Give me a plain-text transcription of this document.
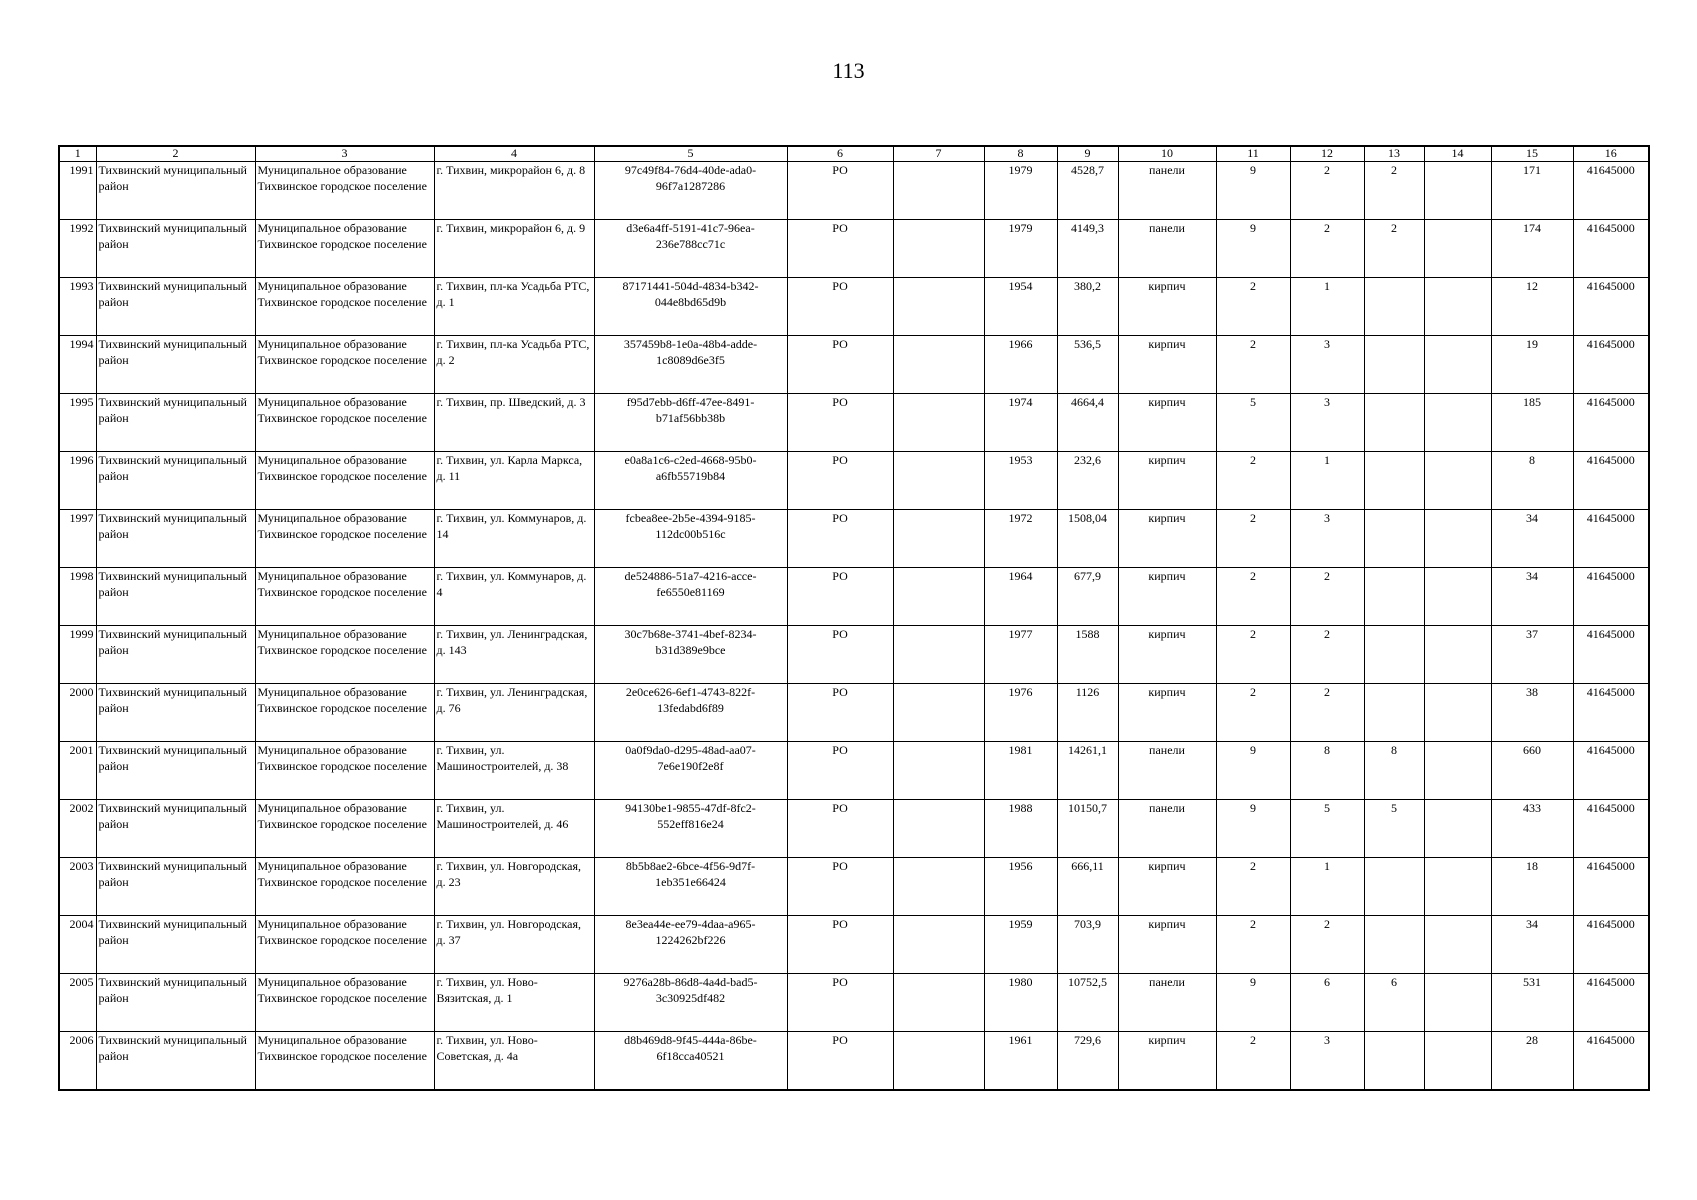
113
1	2	3	4	5	6	7	8	9	10	11	12	13	14	15	16
1991	Тихвинский муниципальный район	Муниципальное образование Тихвинское городское поселение	г. Тихвин, микрорайон 6, д. 8	97c49f84-76d4-40de-ada0-96f7a1287286	РО		1979	4528,7	панели	9	2	2		171	41645000
1992	Тихвинский муниципальный район	Муниципальное образование Тихвинское городское поселение	г. Тихвин, микрорайон 6, д. 9	d3e6a4ff-5191-41c7-96ea-236e788cc71c	РО		1979	4149,3	панели	9	2	2		174	41645000
1993	Тихвинский муниципальный район	Муниципальное образование Тихвинское городское поселение	г. Тихвин, пл-ка Усадьба РТС, д. 1	87171441-504d-4834-b342-044e8bd65d9b	РО		1954	380,2	кирпич	2	1			12	41645000
1994	Тихвинский муниципальный район	Муниципальное образование Тихвинское городское поселение	г. Тихвин, пл-ка Усадьба РТС, д. 2	357459b8-1e0a-48b4-adde-1c8089d6e3f5	РО		1966	536,5	кирпич	2	3			19	41645000
1995	Тихвинский муниципальный район	Муниципальное образование Тихвинское городское поселение	г. Тихвин, пр. Шведский, д. 3	f95d7ebb-d6ff-47ee-8491-b71af56bb38b	РО		1974	4664,4	кирпич	5	3			185	41645000
1996	Тихвинский муниципальный район	Муниципальное образование Тихвинское городское поселение	г. Тихвин, ул. Карла Маркса, д. 11	e0a8a1c6-c2ed-4668-95b0-a6fb55719b84	РО		1953	232,6	кирпич	2	1			8	41645000
1997	Тихвинский муниципальный район	Муниципальное образование Тихвинское городское поселение	г. Тихвин, ул. Коммунаров, д. 14	fcbea8ee-2b5e-4394-9185-112dc00b516c	РО		1972	1508,04	кирпич	2	3			34	41645000
1998	Тихвинский муниципальный район	Муниципальное образование Тихвинское городское поселение	г. Тихвин, ул. Коммунаров, д. 4	de524886-51a7-4216-acce-fe6550e81169	РО		1964	677,9	кирпич	2	2			34	41645000
1999	Тихвинский муниципальный район	Муниципальное образование Тихвинское городское поселение	г. Тихвин, ул. Ленинградская, д. 143	30c7b68e-3741-4bef-8234-b31d389e9bce	РО		1977	1588	кирпич	2	2			37	41645000
2000	Тихвинский муниципальный район	Муниципальное образование Тихвинское городское поселение	г. Тихвин, ул. Ленинградская, д. 76	2e0ce626-6ef1-4743-822f-13fedabd6f89	РО		1976	1126	кирпич	2	2			38	41645000
2001	Тихвинский муниципальный район	Муниципальное образование Тихвинское городское поселение	г. Тихвин, ул. Машиностроителей, д. 38	0a0f9da0-d295-48ad-aa07-7e6e190f2e8f	РО		1981	14261,1	панели	9	8	8		660	41645000
2002	Тихвинский муниципальный район	Муниципальное образование Тихвинское городское поселение	г. Тихвин, ул. Машиностроителей, д. 46	94130be1-9855-47df-8fc2-552eff816e24	РО		1988	10150,7	панели	9	5	5		433	41645000
2003	Тихвинский муниципальный район	Муниципальное образование Тихвинское городское поселение	г. Тихвин, ул. Новгородская, д. 23	8b5b8ae2-6bce-4f56-9d7f-1eb351e66424	РО		1956	666,11	кирпич	2	1			18	41645000
2004	Тихвинский муниципальный район	Муниципальное образование Тихвинское городское поселение	г. Тихвин, ул. Новгородская, д. 37	8e3ea44e-ee79-4daa-a965-1224262bf226	РО		1959	703,9	кирпич	2	2			34	41645000
2005	Тихвинский муниципальный район	Муниципальное образование Тихвинское городское поселение	г. Тихвин, ул. Ново-Вязитская, д. 1	9276a28b-86d8-4a4d-bad5-3c30925df482	РО		1980	10752,5	панели	9	6	6		531	41645000
2006	Тихвинский муниципальный район	Муниципальное образование Тихвинское городское поселение	г. Тихвин, ул. Ново-Советская, д. 4а	d8b469d8-9f45-444a-86be-6f18cca40521	РО		1961	729,6	кирпич	2	3			28	41645000
